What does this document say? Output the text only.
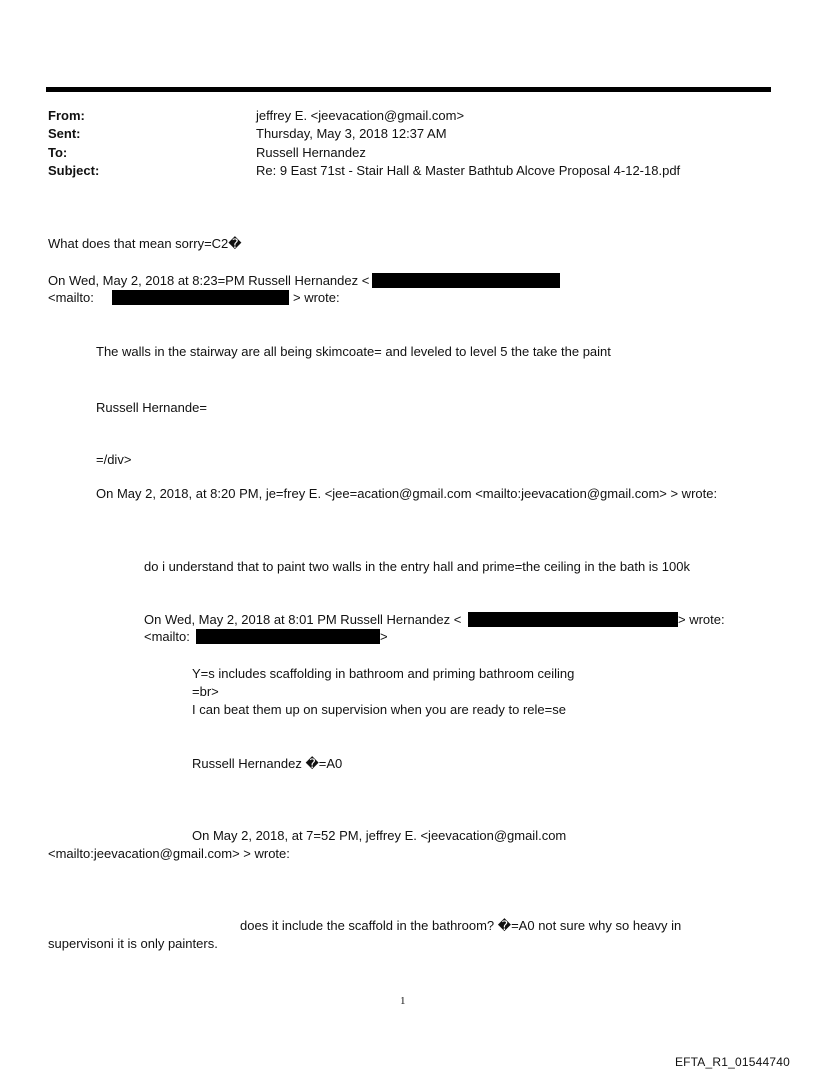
From:	jeffrey E. <jeevacation@gmail.com>
Sent:	Thursday, May 3, 2018 12:37 AM
To:	Russell Hernandez
Subject:	Re: 9 East 71st - Stair Hall & Master Bathtub Alcove Proposal 4-12-18.pdf
What does that mean sorry=C2�
On Wed, May 2, 2018 at 8:23=PM Russell Hernandez <
<mailto:	> wrote:
The walls in the stairway are all being skimcoate= and leveled to level 5 the take the paint
Russell Hernande=
=/div>
On May 2, 2018, at 8:20 PM, je=frey E. <jee=acation@gmail.com <mailto:jeevacation@gmail.com> > wrote:
do i understand that to paint two walls in the entry hall and prime=the ceiling in the bath is 100k
On Wed, May 2, 2018 at 8:01 PM Russell Hernandez <	> wrote:
<mailto:	>
Y=s includes scaffolding in bathroom and priming bathroom ceiling
=br>
I can beat them up on supervision when you are ready to rele=se
Russell Hernandez �=A0
On May 2, 2018, at 7=52 PM, jeffrey E. <jeevacation@gmail.com
<mailto:jeevacation@gmail.com> > wrote:
does it include the scaffold in the bathroom? �=A0 not sure why so heavy in
supervisoni it is only painters.
1
EFTA_R1_01544740
